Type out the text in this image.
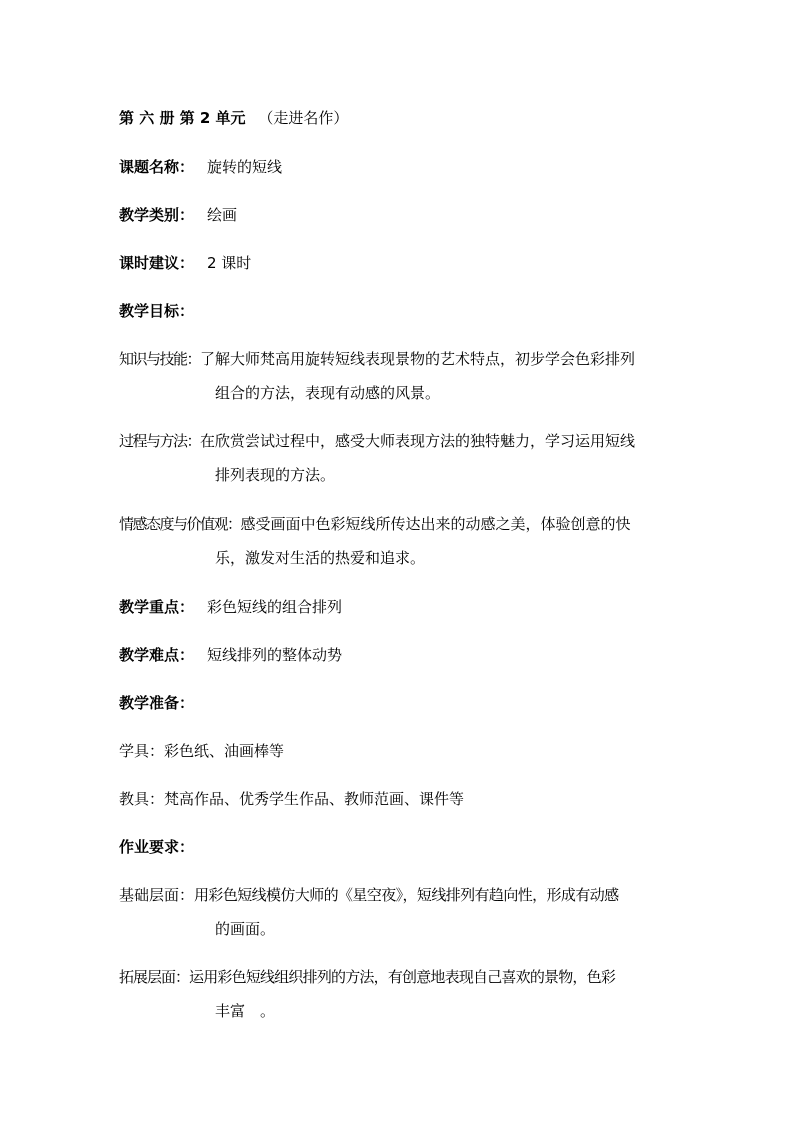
第 六 册 第 2 单元 （走进名作）
课题名称： 旋转的短线
教学类别： 绘画
课时建议： 2 课时
教学目标：
知识与技能：了解大师梵高用旋转短线表现景物的艺术特点，初步学会色彩排列
组合的方法，表现有动感的风景。
过程与方法：在欣赏尝试过程中，感受大师表现方法的独特魅力，学习运用短线
排列表现的方法。
情感态度与价值观：感受画面中色彩短线所传达出来的动感之美，体验创意的快
乐，激发对生活的热爱和追求。
教学重点： 彩色短线的组合排列
教学难点： 短线排列的整体动势
教学准备：
学具：彩色纸、油画棒等
教具：梵高作品、优秀学生作品、教师范画、课件等
作业要求：
基础层面：用彩色短线模仿大师的《星空夜》，短线排列有趋向性，形成有动感
的画面。
拓展层面：运用彩色短线组织排列的方法，有创意地表现自己喜欢的景物，色彩
丰富　。
